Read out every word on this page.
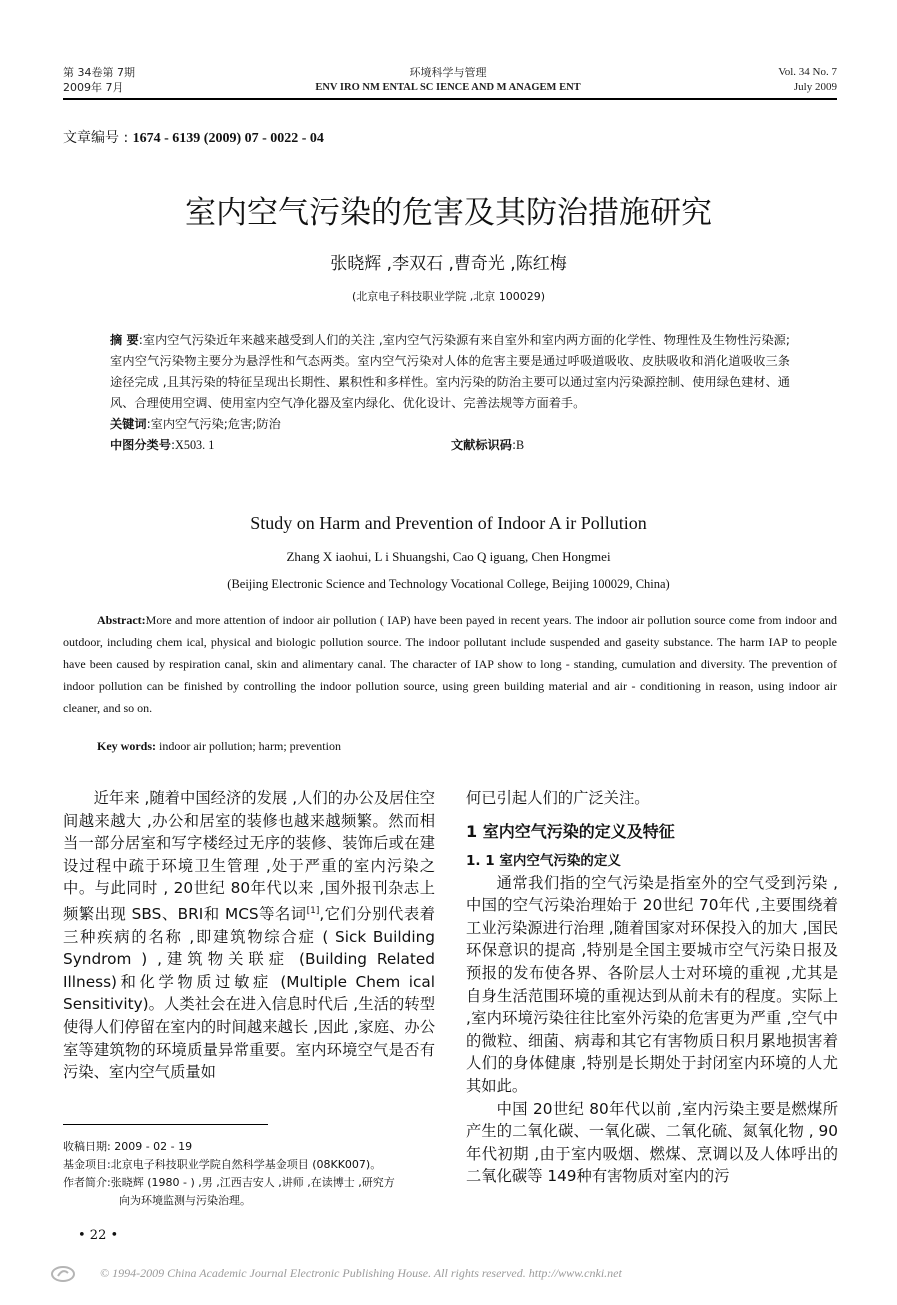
第 34卷第 7期
2009年 7月
环境科学与管理
ENV IRO NM ENTAL SC IENCE AND M ANAGEM ENT
Vol. 34 No. 7
July 2009
文章编号 : 1674 - 6139 (2009) 07 - 0022 - 04
室内空气污染的危害及其防治措施研究
张晓辉 ,李双石 ,曹奇光 ,陈红梅
(北京电子科技职业学院 ,北京 100029)
摘 要:室内空气污染近年来越来越受到人们的关注 ,室内空气污染源有来自室外和室内两方面的化学性、物理性及生物性污染源;室内空气污染物主要分为悬浮性和气态两类。室内空气污染对人体的危害主要是通过呼吸道吸收、皮肤吸收和消化道吸收三条途径完成 ,且其污染的特征呈现出长期性、累积性和多样性。室内污染的防治主要可以通过室内污染源控制、使用绿色建材、通风、合理使用空调、使用室内空气净化器及室内绿化、优化设计、完善法规等方面着手。
关键词:室内空气污染;危害;防治
中图分类号:X503. 1	文献标识码:B
Study on Harm and Prevention of Indoor A ir Pollution
Zhang X iaohui, L i Shuangshi, Cao Q iguang, Chen Hongmei
(Beijing Electronic Science and Technology Vocational College, Beijing 100029, China)
Abstract:More and more attention of indoor air pollution ( IAP) have been payed in recent years. The indoor air pollution source come from indoor and outdoor, including chem ical, physical and biologic pollution source. The indoor pollutant include suspended and gaseity substance. The harm IAP to people have been caused by respiration canal, skin and alimentary canal. The character of IAP show to long - standing, cumulation and diversity. The prevention of indoor pollution can be finished by controlling the indoor pollution source, using green building material and air - conditioning in reason, using indoor air cleaner, and so on.
Key words: indoor air pollution; harm; prevention

近年来 ,随着中国经济的发展 ,人们的办公及居住空间越来越大 ,办公和居室的装修也越来越频繁。然而相当一部分居室和写字楼经过无序的装修、装饰后或在建设过程中疏于环境卫生管理 ,处于严重的室内污染之中。与此同时 , 20世纪 80年代以来 ,国外报刊杂志上频繁出现 SBS、BRI和 MCS等名词[1],它们分别代表着三种疾病的名称 ,即建筑物综合症 ( Sick Building Syndrom ) ,建筑物关联症 (Building Related Illness)和化学物质过敏症 (Multiple Chem ical Sensitivity)。人类社会在进入信息时代后 ,生活的转型使得人们停留在室内的时间越来越长 ,因此 ,家庭、办公室等建筑物的环境质量异常重要。室内环境空气是否有污染、室内空气质量如

收稿日期: 2009 - 02 - 19
基金项目:北京电子科技职业学院自然科学基金项目 (08KK007)。
作者简介:张晓辉 (1980 - ) ,男 ,江西吉安人 ,讲师 ,在读博士 ,研究方
向为环境监测与污染治理。
• 22 •

何已引起人们的广泛关注。

1 室内空气污染的定义及特征
1. 1 室内空气污染的定义

通常我们指的空气污染是指室外的空气受到污染 ,中国的空气污染治理始于 20世纪 70年代 ,主要围绕着工业污染源进行治理 ,随着国家对环保投入的加大 ,国民环保意识的提高 ,特别是全国主要城市空气污染日报及预报的发布使各界、各阶层人士对环境的重视 ,尤其是自身生活范围环境的重视达到从前未有的程度。实际上 ,室内环境污染往往比室外污染的危害更为严重 ,空气中的微粒、细菌、病毒和其它有害物质日积月累地损害着人们的身体健康 ,特别是长期处于封闭室内环境的人尤其如此。

中国 20世纪 80年代以前 ,室内污染主要是燃煤所产生的二氧化碳、一氧化碳、二氧化硫、氮氧化物 , 90年代初期 ,由于室内吸烟、燃煤、烹调以及人体呼出的二氧化碳等 149种有害物质对室内的污

© 1994-2009 China Academic Journal Electronic Publishing House. All rights reserved. http://www.cnki.net
